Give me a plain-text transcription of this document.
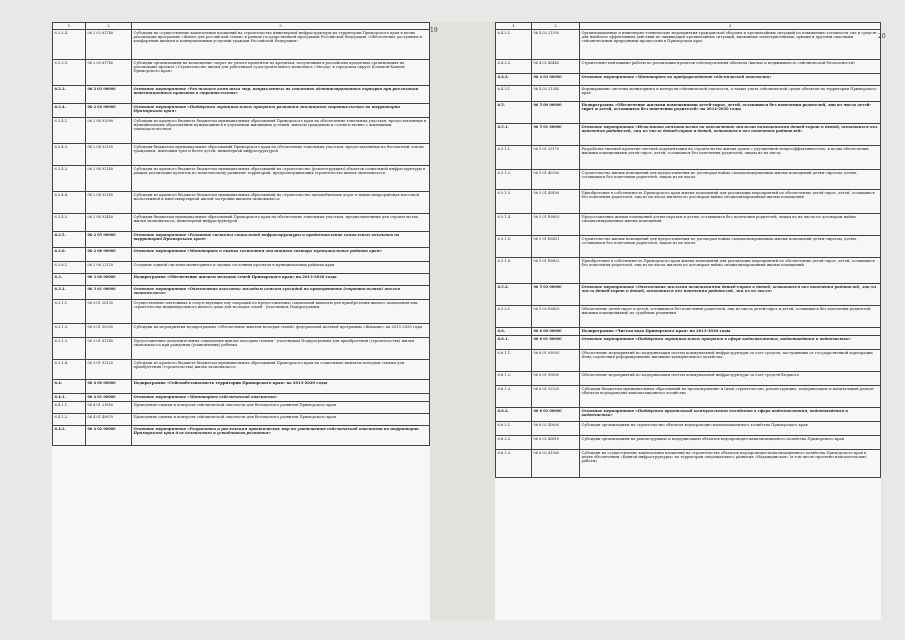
1	2	3
6.2.2.4.	06 2 02 61740	Субсидии на осуществление капитальных вложений на строительство инженерной инфраструктуры на территории Приморского края в целях реализации программы «Жилье для российской семьи» в рамках государственной программы Российской Федерации «Обеспечение доступным и комфортным жильем и коммунальными услугами граждан Российской Федерации»
6.2.2.5.	06 2 02 61740	Субсидии организациям на возмещение затрат по уплате процентов по кредитам, полученным в российских кредитных организациях на реализацию проекта «Строительство жилья для работников судостроительного комплекса «Звезда» в городском округе Большой Камень Приморского края»
6.2.3.	06 2 03 00000	Основное мероприятие «Реализация комплекса мер, направленных на снижение административных барьеров при реализации инвестиционных проектов в строительстве»
6.2.4.	06 2 04 00000	Основное мероприятие «Поддержка муниципальных программ развития жилищного строительства на территории Приморского края»
6.2.4.1.	06 2 04 92090	Субсидии из краевого бюджета бюджетам муниципальных образований Приморского края на обеспечение земельных участков, предоставленных в муниципальных образованиях нуждающимся в улучшении жилищных условий, жильем гражданам и соответственно с жилищным законодательством
6.2.4.2.	06 2 04 92100	Субсидии бюджетам муниципальных образований Приморского края на обеспечение земельных участков, предоставленных на бесплатной основе гражданам, имеющим трех и более детей, инженерной инфраструктурой
6.2.4.3.	06 2 04 92140	Субсидии из краевого бюджета бюджетам муниципальных образований на строительство (реконструкцию) объектов социальной инфраструктуры в рамках реализации проектов по комплексному развитию территорий, предусматривающих строительство жилья экономкласса
6.2.4.4.	06 2 04 92180	Субсидии из краевого бюджета бюджетам муниципальных образований на строительство автомобильных дорог в новых микрорайонах массовой малоэтажной и многоквартирной жилой застройки жильем экономкласса
6.2.4.5.	06 2 04 92440	Субсидии бюджетам муниципальных образований Приморского края на обеспечение земельных участков, предназначенных для строительства жилья экономкласса, инженерной инфраструктурой
6.2.5.	06 2 05 00000	Основное мероприятие «Развитие системы социальной инфраструктуры и предоставление социальных объектов на территории Приморского края»
6.2.6.	06 2 06 00000	Основное мероприятие «Мониторинг и оценка состояния жилищного сектора муниципальных районов края»
6.2.6.1.	06 2 06 22120	Создание единой системы мониторинга и оценки состояния проектов в муниципальных районах края
6.3.	06 3 00 00000	Подпрограмма «Обеспечение жильем молодых семей Приморского края» на 2013-2020 годы
6.3.1.	06 3 01 00000	Основное мероприятие «Обеспечение выплаты молодым семьям субсидий на приобретение (строительство) жилья экономкласса»
6.3.1.1.	06 3 01 20130	Осуществление платежных и сопутствующих ему операций по предоставлению социальной выплаты для приобретения жилого помещения или строительства индивидуального жилого дома для молодых семей - участников Подпрограммы
6.3.1.2.	06 3 01 50200	Субсидии на мероприятия подпрограммы «Обеспечение жильем молодых семей» федеральной целевой программы «Жилище» на 2015-2020 годы
6.3.1.3.	06 3 01 81140	Предоставление дополнительных социальных выплат молодым семьям - участникам Подпрограммы для приобретения (строительства) жилья экономкласса при рождении (усыновлении) ребенка
6.3.1.4.	06 3 01 92120	Субсидии из краевого бюджета бюджетам муниципальных образований Приморского края на социальные выплаты молодым семьям для приобретения (строительства) жилья экономкласса
6.4.	06 4 00 00000	Подпрограмма «Сейсмобезопасность территории Приморского края» на 2013-2020 годы
6.4.1.	06 4 01 00000	Основное мероприятие «Мониторинг сейсмической опасности»
6.4.1.1.	06 4 01 21850	Проведение оценки и контроля сейсмической опасности для безопасного развития Приморского края
6.4.1.2.	06 4 01 40670	Проведение оценки и контроля сейсмической опасности для безопасного развития Приморского края
6.4.2.	06 4 02 00000	Основное мероприятие «Разработка и реализация практических мер по уменьшению сейсмической опасности на территории Приморского края для безопасного и устойчивого развития»
1	2	3
6.4.2.1.	06 4 02 21350	Организационные и инженерно-технические мероприятия гражданской обороны и чрезвычайных ситуаций по повышению готовности сил и средств для наиболее эффективных действий по ликвидации чрезвычайных ситуаций, вызванных землетрясениями, цунами и другими опасными сейсмическими природными процессами в Приморском крае
6.4.2.2.	06 4 02 40440	Строительно-монтажные работы по реализации проектов сейсмоусиления объектов (жилые и недвижимость сейсмической безопасности)
6.4.3.	06 4 03 00000	Основное мероприятие «Мониторинг по предупреждению сейсмической опасности»
6.4.3.1.	06 4 03 21340	Формирование системы мониторинга и контроля сейсмической опасности, а также учета сейсмической среды объектов на территории Приморского края
6.5.	06 5 00 00000	Подпрограмма «Обеспечение жилыми помещениями детей-сирот, детей, оставшихся без попечения родителей, лиц из числа детей-сирот и детей, оставшихся без попечения родителей» на 2014-2020 годы
6.5.1.	06 5 01 00000	Основное мероприятие «Исполнение обязательств по обеспечению жилыми помещениями детей-сирот и детей, оставшихся без попечения родителей, лиц из числа детей-сирот и детей, оставшихся без попечения родителей»
6.5.1.1.	06 5 01 25170	Разработка типовой проектно-сметной документации на строительство жилых домов с улучшенной энергоэффективностью, в целях обеспечения жилыми помещениями детей-сирот, детей, оставшихся без попечения родителей, лицам из их числа
6.5.1.2.	06 5 01 40350	Строительство жилых помещений для предоставления по договорам найма специализированных жилых помещений детям-сиротам, детям, оставшимся без попечения родителей, лицам из их числа
6.5.1.3.	06 5 01 40490	Приобретение в собственность Приморского края жилых помещений для реализации мероприятий по обеспечению детей-сирот, детей, оставшихся без попечения родителей, лиц из их числа жильем по договорам найма специализированных жилых помещений
6.5.1.4.	06 5 01 R0820	Предоставление жилых помещений детям-сиротам и детям, оставшимся без попечения родителей, лицам из их числа по договорам найма специализированных жилых помещений
6.5.1.5.	06 5 01 R0821	Строительство жилых помещений для предоставления по договорам найма специализированных жилых помещений детям-сиротам, детям, оставшимся без попечения родителей, лицам из их числа
6.5.1.6.	06 5 01 R0822	Приобретение в собственность Приморского края жилых помещений для реализации мероприятий по обеспечению детей-сирот, детей, оставшихся без попечения родителей, лиц из их числа жильем по договорам найма специализированных жилых помещений
6.5.2.	06 5 02 00000	Основное мероприятие «Обеспечение жилыми помещениями детей-сирот и детей, оставшихся без попечения родителей, лиц из числа детей-сирот и детей, оставшихся без попечения родителей, лиц из их числа»
6.5.2.1.	06 5 02 R0820	Обеспечение детей-сирот и детей, оставшихся без попечения родителей, лиц из числа детей-сирот и детей, оставшихся без попечения родителей, жилыми помещениями) по судебным решениям
6.6.	06 6 00 00000	Подпрограмма «Чистая вода Приморского края» на 2013-2020 годы
6.6.1.	06 6 01 00000	Основное мероприятие «Поддержка муниципальных программ в сфере водоснабжения, водоотведения и водоочистки»
6.6.1.1.	06 6 01 09505	Обеспечение мероприятий по модернизации систем коммунальной инфраструктуры за счет средств, поступивших от государственной корпорации Фонд содействия реформированию жилищно-коммунального хозяйства
6.6.1.2.	06 6 01 09605	Обеспечение мероприятий по модернизации систем коммунальной инфраструктуры за счет средств бюджета
6.6.1.3.	06 6 01 92320	Субсидии бюджетам муниципальных образований на проектирование и (или) строительство, реконструкцию, модернизацию и капитальный ремонт объектов водопроводно-канализационного хозяйства
6.6.2.	06 6 02 00000	Основное мероприятие «Поддержка организаций коммунального хозяйства в сфере водоснабжения, водоотведения и водоочистки»
6.6.2.1.	06 6 02 40800	Субсидии организациям на строительство объектов водопроводно-канализационного хозяйства Приморского края
6.6.2.2.	06 6 02 40810	Субсидии организациям на реконструкцию и модернизацию объектов водопроводно-канализационного хозяйства Приморского края
6.6.2.3.	06 6 02 41360	Субсидии на осуществление капитальных вложений на строительство объектов водопроводно-канализационного хозяйства Приморского края в целях обеспечения «Единой инфраструктуры» на территории опережающего развития «Надеждинская» (в том числе проектно-изыскательские работы)
19
20
